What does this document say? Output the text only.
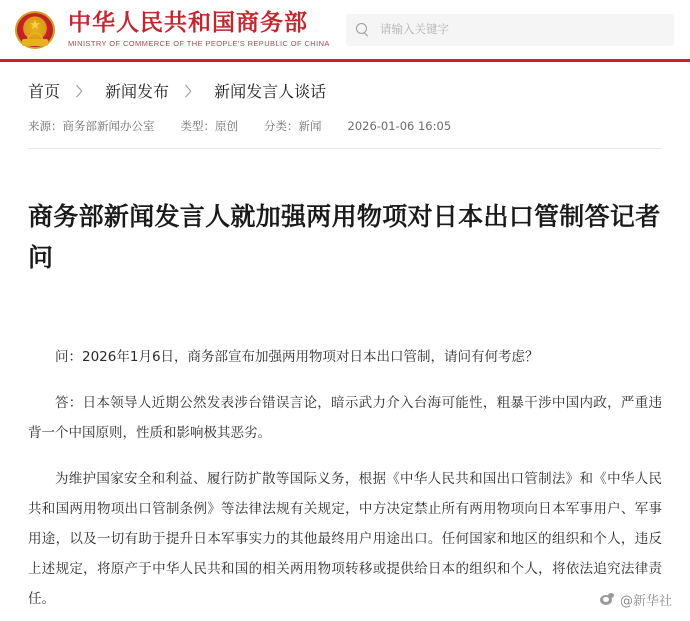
★ 中华人民共和国商务部
MINISTRY OF COMMERCE OF THE PEOPLE'S REPUBLIC OF CHINA
请输入关键字
首页 〉 新闻发布 〉 新闻发言人谈话
来源：商务部新闻办公室 类型：原创 分类：新闻 2026-01-06 16:05
商务部新闻发言人就加强两用物项对日本出口管制答记者问

问：2026年1月6日，商务部宣布加强两用物项对日本出口管制，请问有何考虑？

答：日本领导人近期公然发表涉台错误言论，暗示武力介入台海可能性，粗暴干涉中国内政，严重违背一个中国原则，性质和影响极其恶劣。

为维护国家安全和利益、履行防扩散等国际义务，根据《中华人民共和国出口管制法》和《中华人民共和国两用物项出口管制条例》等法律法规有关规定，中方决定禁止所有两用物项向日本军事用户、军事用途，以及一切有助于提升日本军事实力的其他最终用户用途出口。任何国家和地区的组织和个人，违反上述规定，将原产于中华人民共和国的相关两用物项转移或提供给日本的组织和个人，将依法追究法律责任。	@新华社
